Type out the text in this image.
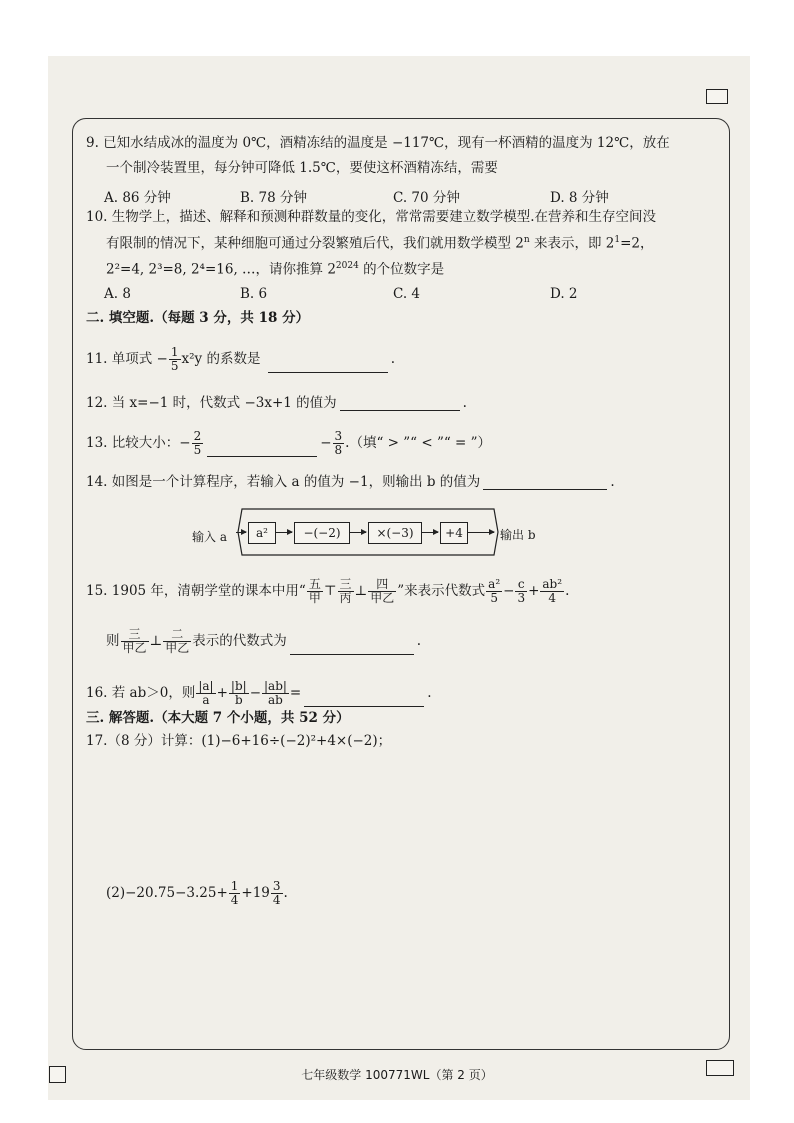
9. 已知水结成冰的温度为 0℃，酒精冻结的温度是 −117℃，现有一杯酒精的温度为 12℃，放在
一个制冷装置里，每分钟可降低 1.5℃，要使这杯酒精冻结，需要
A. 86 分钟	B. 78 分钟	C. 70 分钟	D. 8 分钟
10. 生物学上，描述、解释和预测种群数量的变化，常常需要建立数学模型.在营养和生存空间没
有限制的情况下，某种细胞可通过分裂繁殖后代，我们就用数学模型 2$^n$ 来表示，即 $2^1=2$，
2²=4, 2³=8, 2⁴=16, …，请你推算 $2^{2024}$ 的个位数字是
A. 8	B. 6	C. 4	D. 2
二. 填空题.（每题 3 分，共 18 分）
11. 单项式 − $\frac{1}{5} x^2y$ 的系数是	.
12. 当 x=−1 时，代数式 −3x+1 的值为	.
13. 比较大小：− $\frac{2}{5}$	− $\frac{3}{8}$ .（填“ > ”“ < ”“ = ”）
14. 如图是一个计算程序，若输入 a 的值为 −1，则输出 b 的值为	.
输入 a	a²	−(−2)	×(−3)	+4	输出 b
15. 1905 年，清朝学堂的课本中用“ $\frac{\text{五}}{\text{甲}}$ ⊤ $\frac{\text{三}}{\text{丙}}$ ⊥ $\frac{\text{四}}{\text{甲乙}}$ ”来表示代数式 $\frac{\text{a²}}{5} - \frac{c}{3} + \frac{\text{ab²}}{4}$ .
则 $\frac{\text{三}}{\text{甲乙}}$ ⊥ $\frac{\text{二}}{\text{甲乙}}$ 表示的代数式为	.
16. 若 ab＞0，则 $\frac{|a|}{a} + \frac{|b|}{b} - \frac{|ab|}{ab}$ =	.
三. 解答题.（本大题 7 个小题，共 52 分）
17.（8 分）计算：(1)−6+16÷(−2)²+4×(−2)；
$(2)-20.75-3.25+ \frac{1}{4} +19 \frac{3}{4}$ .
七年级数学 100771WL（第 2 页）
